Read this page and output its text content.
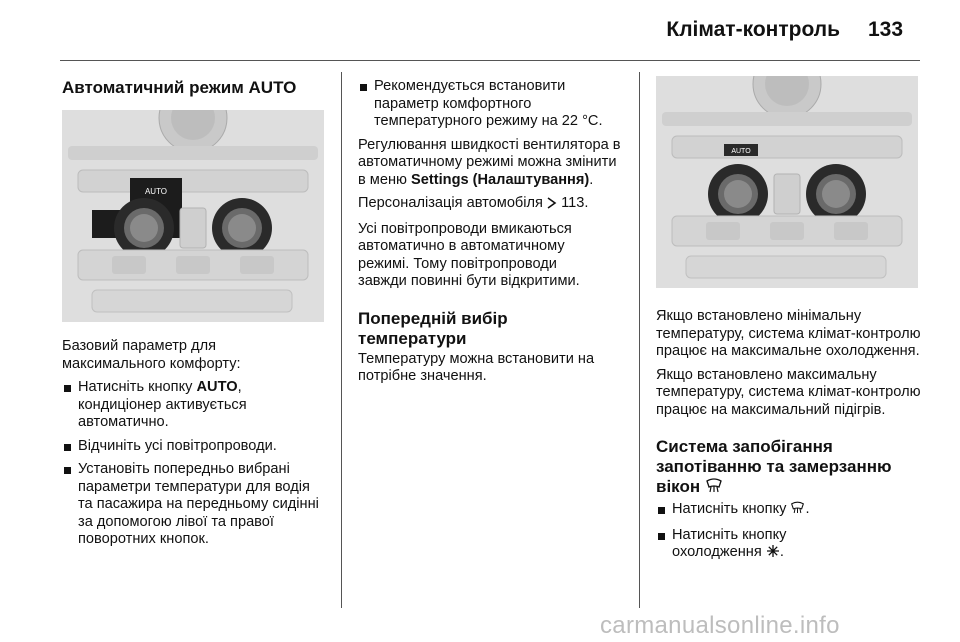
Клімат-контроль 133
Автоматичний режим AUTO
AUTO

Базовий параметр для максимального комфорту:

Натисніть кнопку AUTO, кондиціонер активується автоматично.
Відчиніть усі повітропроводи.
Установіть попередньо вибрані параметри температури для водія та пасажира на передньому сидінні за допомогою лівої та правої поворотних кнопок.
Рекомендується встановити параметр комфортного температурного режиму на 22 °C.

Регулювання швидкості вентилятора в автоматичному режимі можна змінити в меню Settings (Налаштування).

Персоналізація автомобіля  113.

Усі повітропроводи вмикаються автоматично в автоматичному режимі. Тому повітропроводи завжди повинні бути відкритими.

Попередній вибір температури

Температуру можна встановити на потрібне значення.

AUTO

Якщо встановлено мінімальну температуру, система клімат-контролю працює на максимальне охолодження.

Якщо встановлено максимальну температуру, система клімат-контролю працює на максимальний підігрів.

Система запобігання запотіванню та замерзанню вікон
Натисніть кнопку .
Натисніть кнопку охолодження .
carmanualsonline.info
